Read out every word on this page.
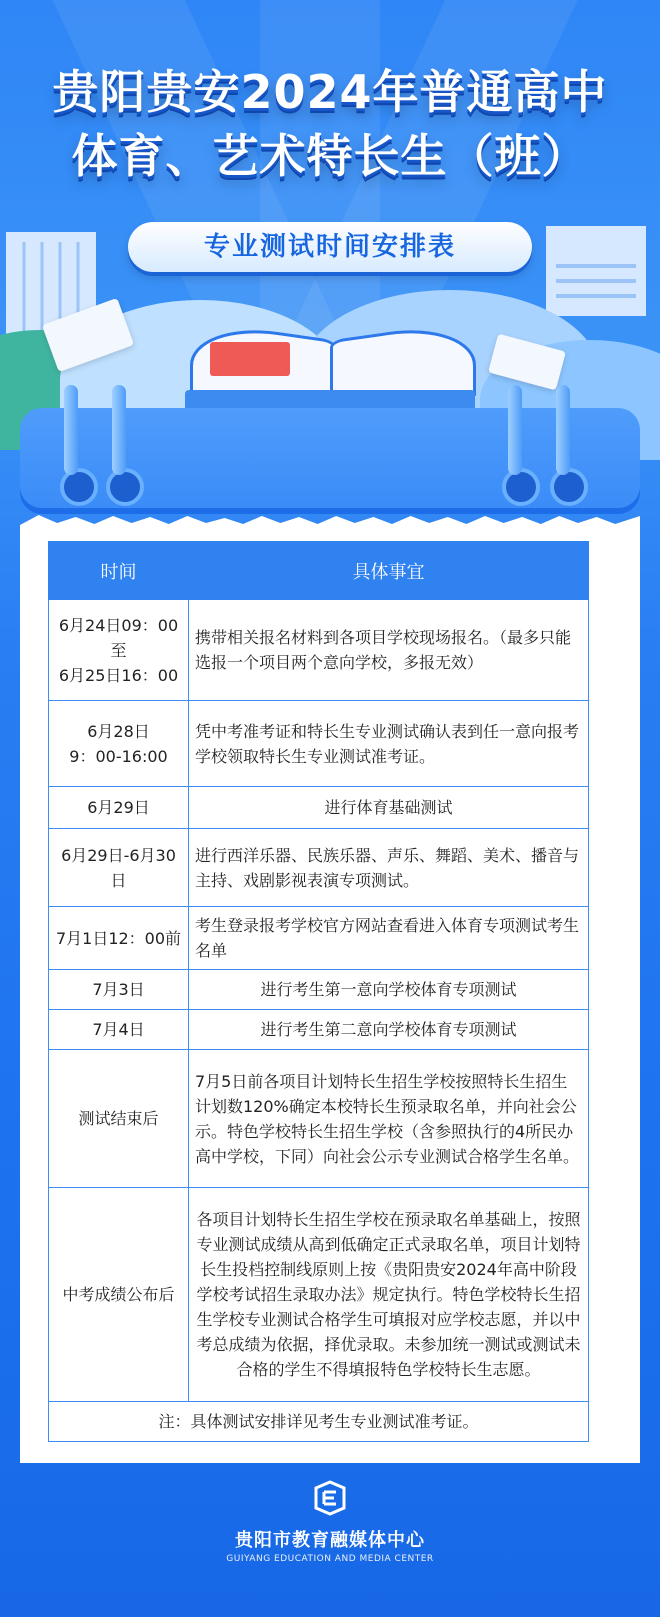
贵阳贵安2024年普通高中
体育、艺术特长生（班）
专业测试时间安排表
时间	具体事宜
6月24日09：00
至
6月25日16：00	携带相关报名材料到各项目学校现场报名。（最多只能选报一个项目两个意向学校，多报无效）
6月28日
9：00-16:00	凭中考准考证和特长生专业测试确认表到任一意向报考学校领取特长生专业测试准考证。
6月29日	进行体育基础测试
6月29日-6月30日	进行西洋乐器、民族乐器、声乐、舞蹈、美术、播音与主持、戏剧影视表演专项测试。
7月1日12：00前	考生登录报考学校官方网站查看进入体育专项测试考生名单
7月3日	进行考生第一意向学校体育专项测试
7月4日	进行考生第二意向学校体育专项测试
测试结束后	7月5日前各项目计划特长生招生学校按照特长生招生计划数120%确定本校特长生预录取名单，并向社会公示。特色学校特长生招生学校（含参照执行的4所民办高中学校，下同）向社会公示专业测试合格学生名单。
中考成绩公布后	各项目计划特长生招生学校在预录取名单基础上，按照专业测试成绩从高到低确定正式录取名单，项目计划特长生投档控制线原则上按《贵阳贵安2024年高中阶段学校考试招生录取办法》规定执行。特色学校特长生招生学校专业测试合格学生可填报对应学校志愿，并以中考总成绩为依据，择优录取。未参加统一测试或测试未合格的学生不得填报特色学校特长生志愿。
注：具体测试安排详见考生专业测试准考证。	
贵阳市教育融媒体中心
GUIYANG EDUCATION AND MEDIA CENTER
